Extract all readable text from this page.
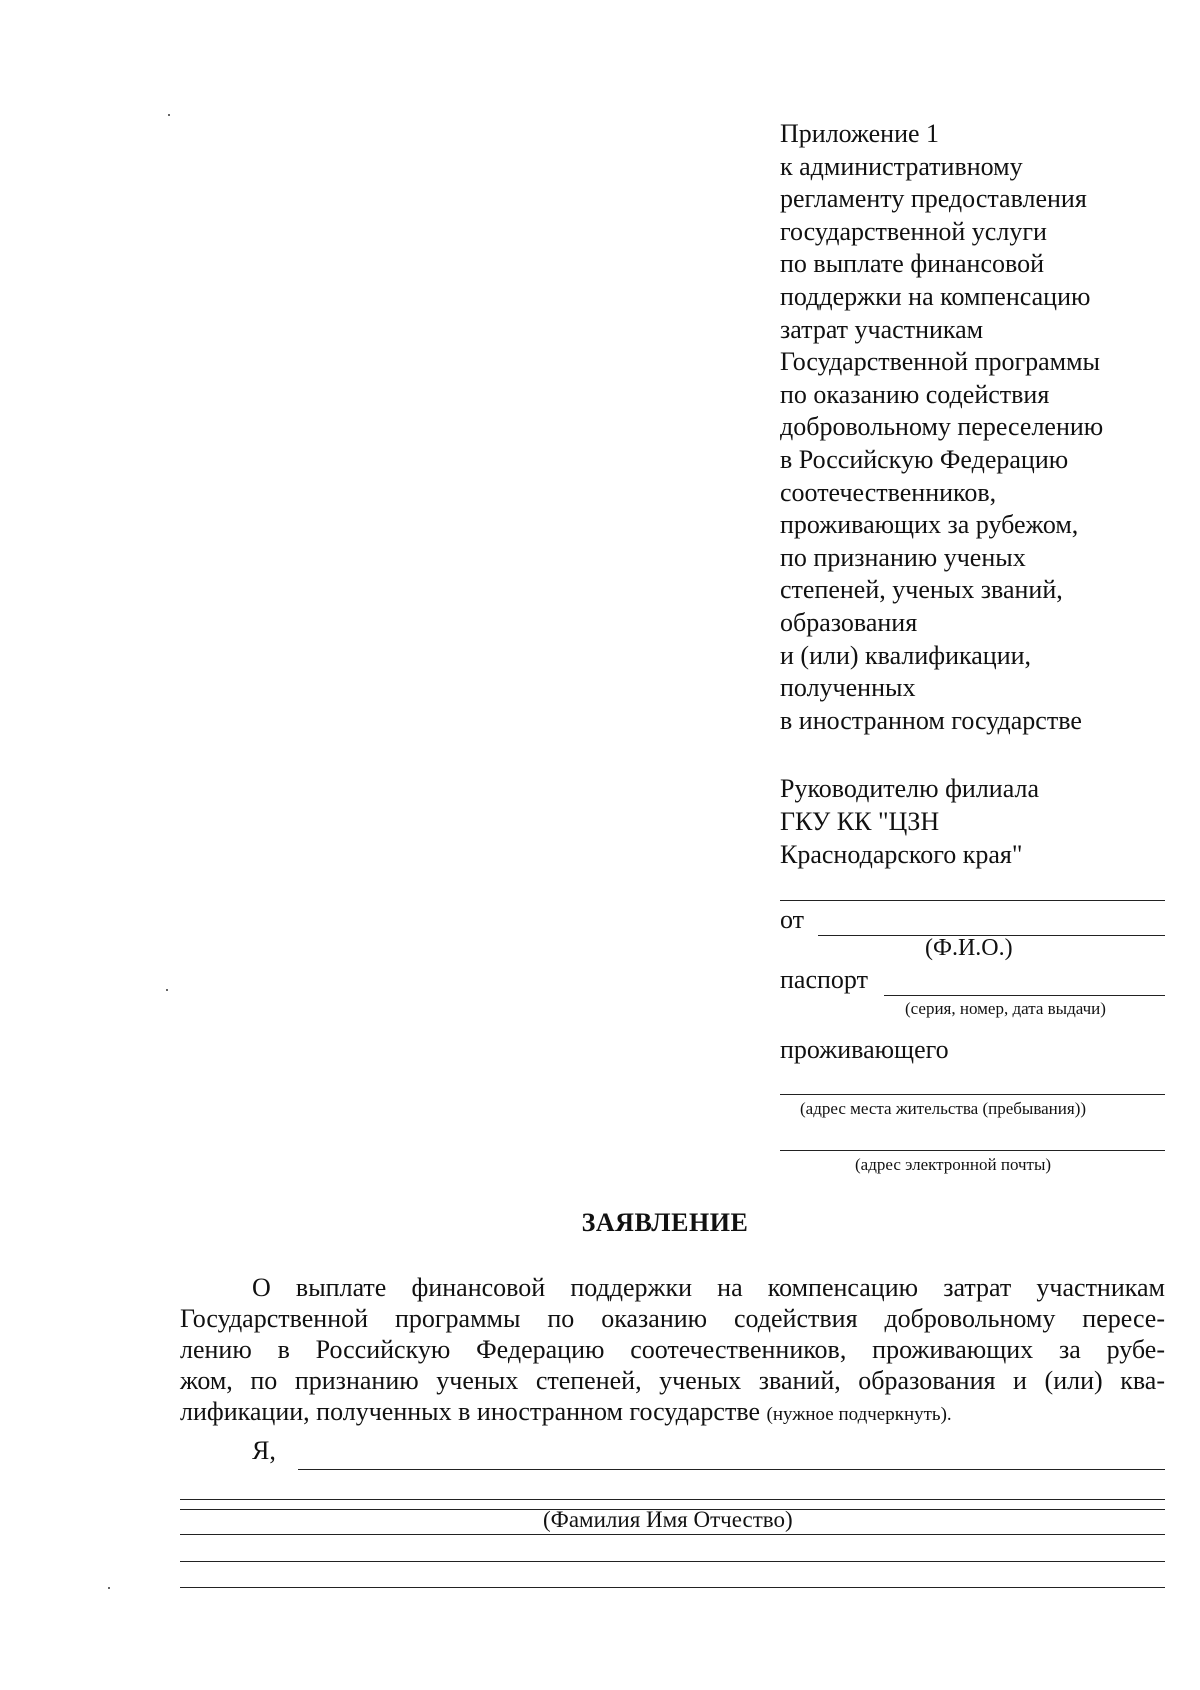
Приложение 1
к административному
регламенту предоставления
государственной услуги
по выплате финансовой
поддержки на компенсацию
затрат участникам
Государственной программы
по оказанию содействия
добровольному переселению
в Российскую Федерацию
соотечественников,
проживающих за рубежом,
по признанию ученых
степеней, ученых званий,
образования
и (или) квалификации,
полученных
в иностранном государстве
Руководителю филиала
ГКУ КК "ЦЗН
Краснодарского края"
от
(Ф.И.О.)
паспорт
(серия, номер, дата выдачи)
проживающего
(адрес места жительства (пребывания))
(адрес электронной почты)
ЗАЯВЛЕНИЕ
О выплате финансовой поддержки на компенсацию затрат участникам
Государственной программы по оказанию содействия добровольному пересе-
лению в Российскую Федерацию соотечественников, проживающих за рубе-
жом, по признанию ученых степеней, ученых званий, образования и (или) ква-
лификации, полученных в иностранном государстве (нужное подчеркнуть).
Я,
(Фамилия Имя Отчество)
